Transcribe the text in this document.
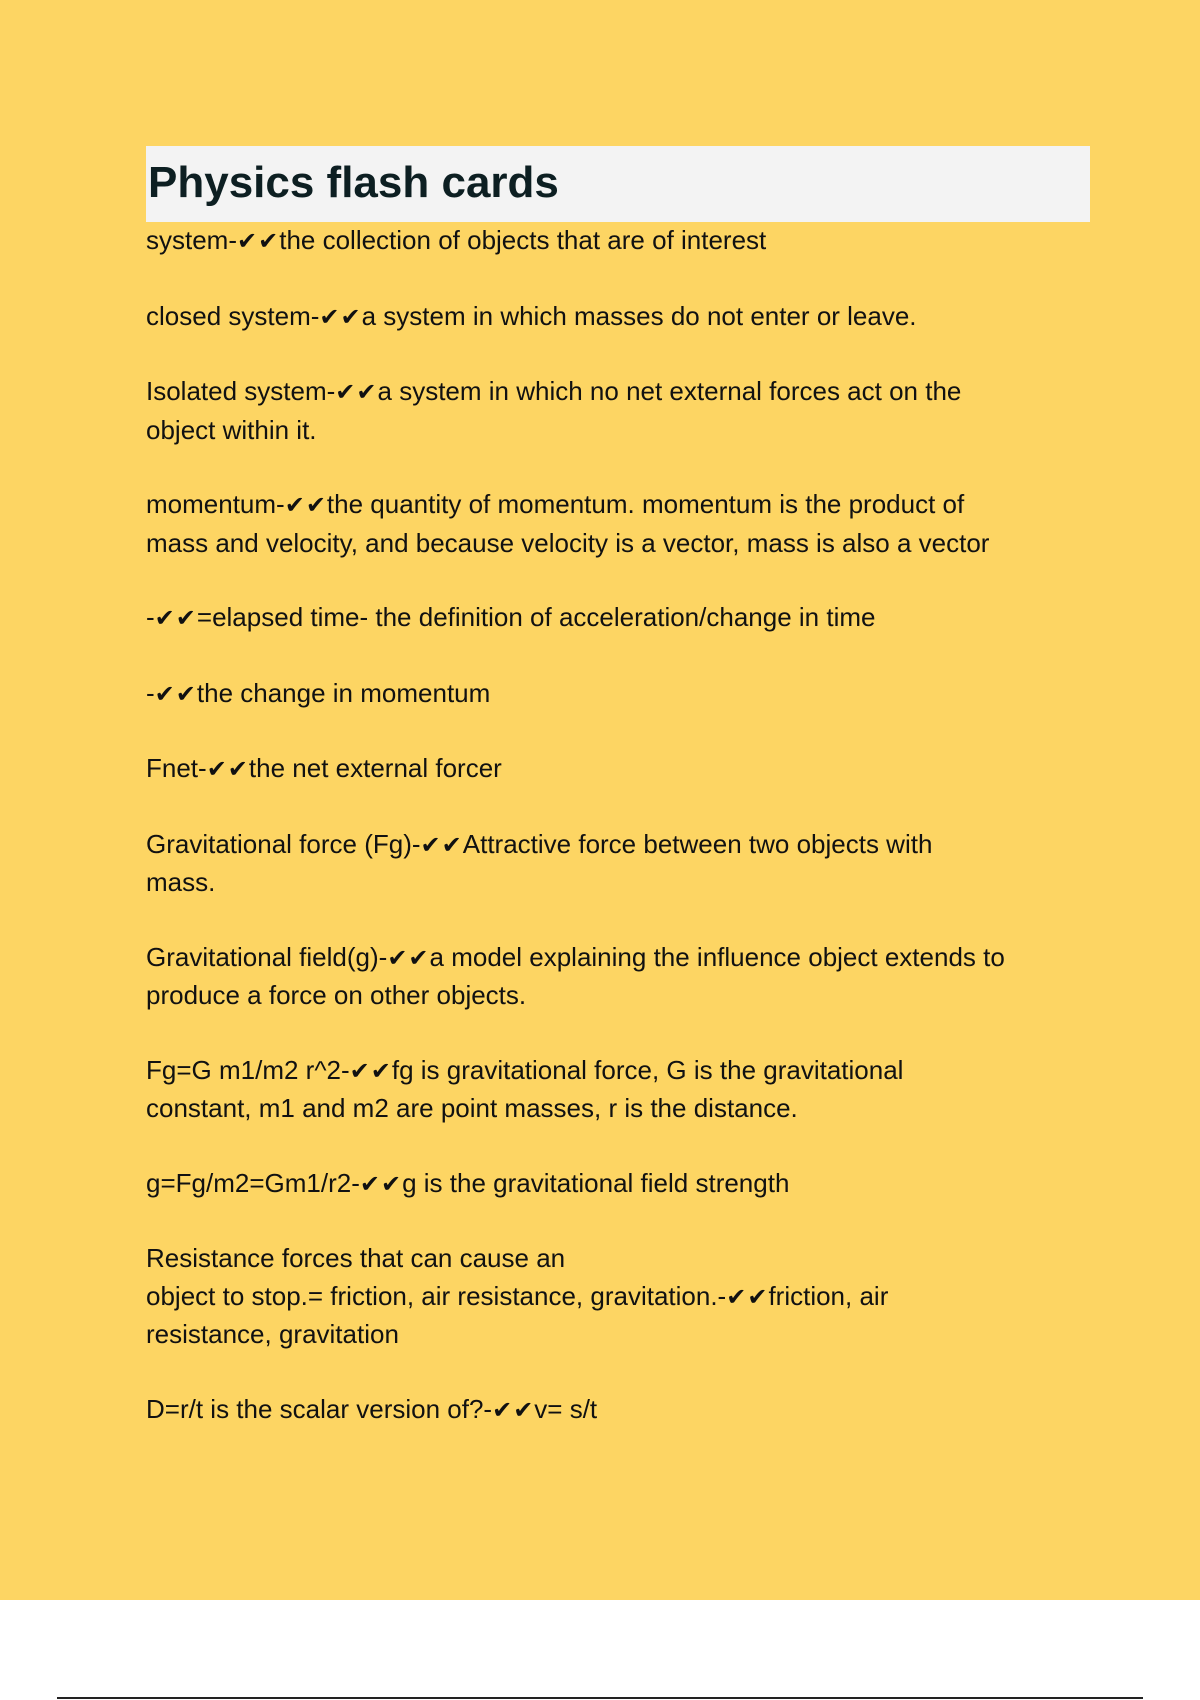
Physics flash cards

system-✔✔the collection of objects that are of interest

closed system-✔✔a system in which masses do not enter or leave.

Isolated system-✔✔a system in which no net external forces act on the
object within it.

momentum-✔✔the quantity of momentum. momentum is the product of
mass and velocity, and because velocity is a vector, mass is also a vector

-✔✔=elapsed time- the definition of acceleration/change in time

-✔✔the change in momentum

Fnet-✔✔the net external forcer

Gravitational force (Fg)-✔✔Attractive force between two objects with
mass.

Gravitational field(g)-✔✔a model explaining the influence object extends to
produce a force on other objects.

Fg=G m1/m2 r^2-✔✔fg is gravitational force, G is the gravitational
constant, m1 and m2 are point masses, r is the distance.

g=Fg/m2=Gm1/r2-✔✔g is the gravitational field strength

Resistance forces that can cause an
object to stop.= friction, air resistance, gravitation.-✔✔friction, air
resistance, gravitation

D=r/t is the scalar version of?-✔✔v= s/t
